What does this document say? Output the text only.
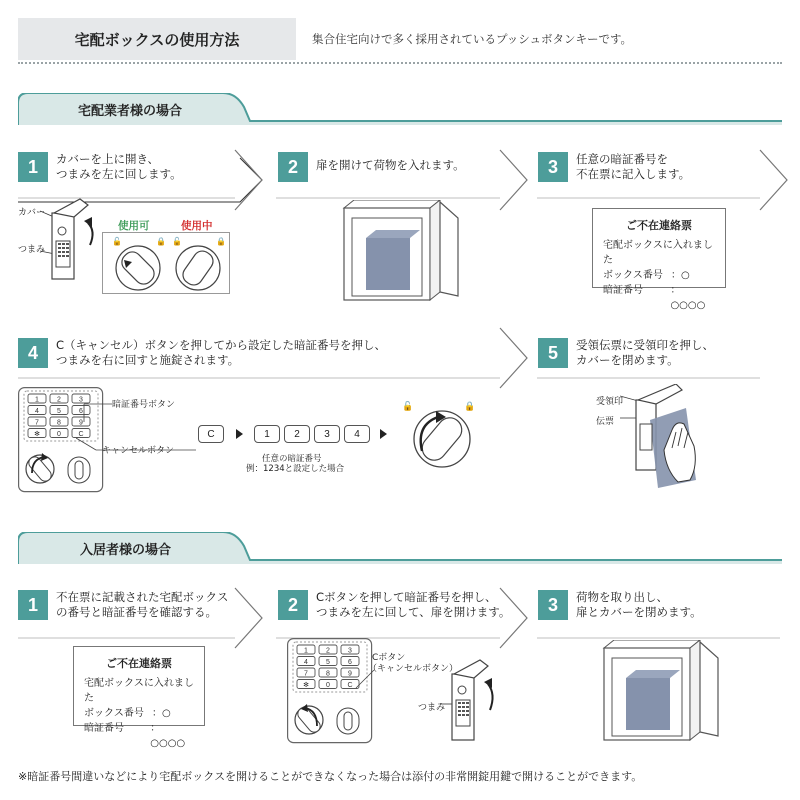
宅配ボックスの使用方法	集合住宅向けで多く採用されているプッシュボタンキーです。
宅配業者様の場合
1	カバーを上に開き、
つまみを左に回します。	2	扉を開けて荷物を入れます。	3	任意の暗証番号を
不在票に記入します。
カバー
つまみ
使用可	使用中
🔓	🔒 🔓	🔒
ご不在連絡票
宅配ボックスに入れました
ボックス番号 ：○
暗証番号	：○○○○
4	C（キャンセル）ボタンを押してから設定した暗証番号を押し、
つまみを右に回すと施錠されます。	5	受領伝票に受領印を押し、
カバーを閉めます。
1	2	3
4	5	6
7	8	9
✻ 0	C
暗証番号ボタン
キャンセルボタン
C	1	2	3	4
任意の暗証番号
例：1234と設定した場合
🔓	🔒	受領印
伝票
入居者様の場合
1	不在票に記載された宅配ボックス
の番号と暗証番号を確認する。	2	Cボタンを押して暗証番号を押し、
つまみを左に回して、扉を開けます。	3	荷物を取り出し、
扉とカバーを閉めます。
ご不在連絡票
宅配ボックスに入れました
ボックス番号 ：○
暗証番号	：○○○○
1	2	3
4	5	6
7	8	9
✻ 0	C
Cボタン
（キャンセルボタン）
つまみ
※暗証番号間違いなどにより宅配ボックスを開けることができなくなった場合は添付の非常開錠用鍵で開けることができます。
